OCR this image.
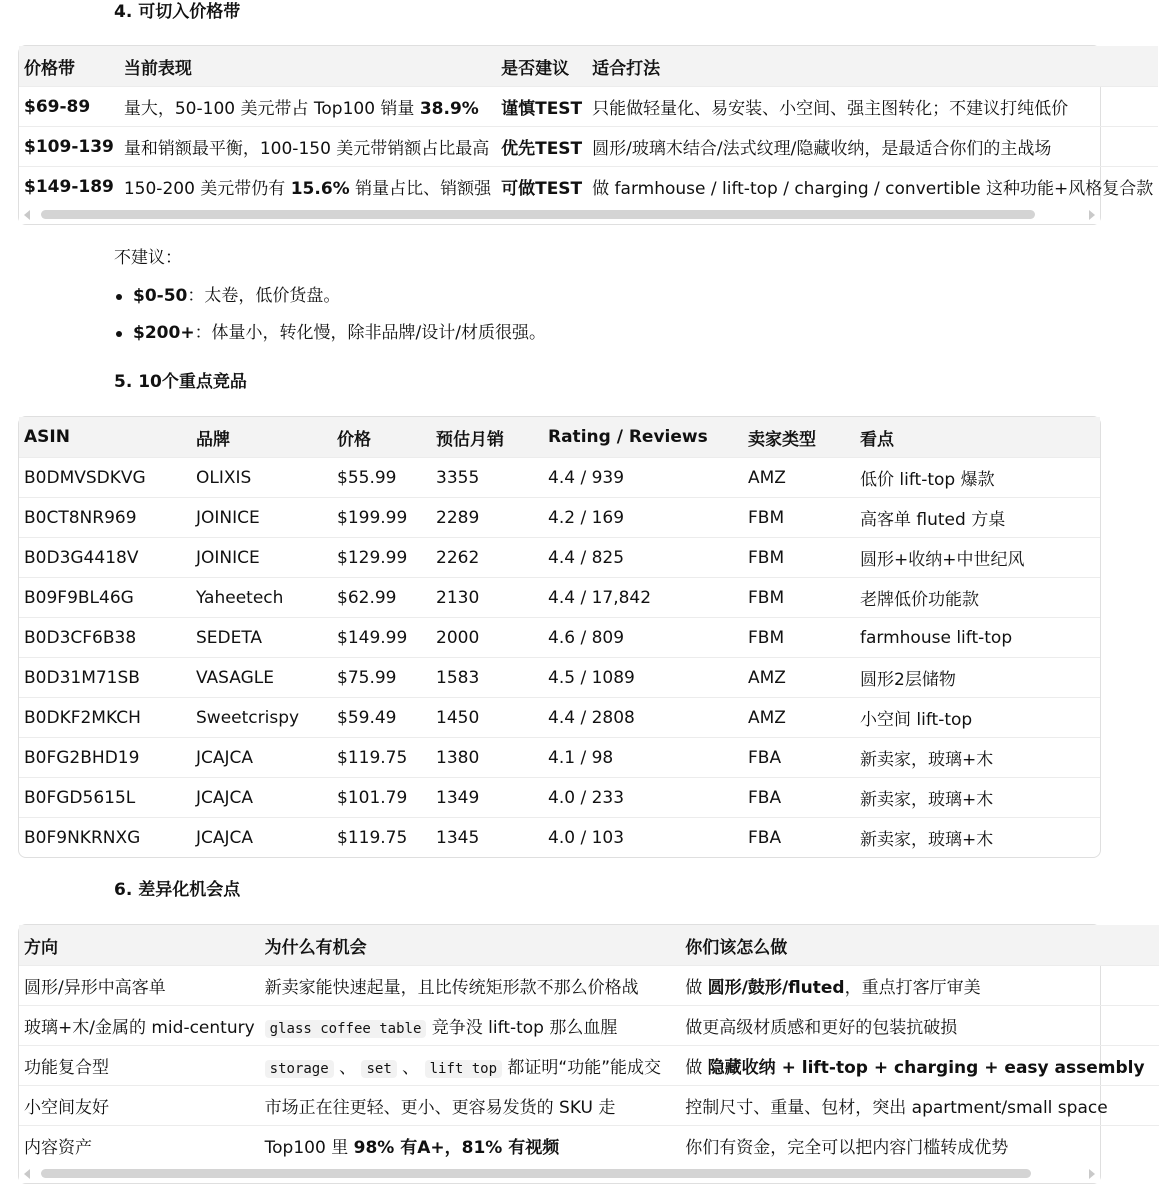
4. 可切入价格带
价格带	当前表现	是否建议	适合打法
$69-89	量大，50-100 美元带占 Top100 销量 38.9%	谨慎TEST	只能做轻量化、易安装、小空间、强主图转化；不建议打纯低价
$109-139	量和销额最平衡，100-150 美元带销额占比最高	优先TEST	圆形/玻璃木结合/法式纹理/隐藏收纳，是最适合你们的主战场
$149-189	150-200 美元带仍有 15.6% 销量占比、销额强	可做TEST	做 farmhouse / lift-top / charging / convertible 这种功能+风格复合款
不建议：
$0-50：太卷，低价货盘。
$200+：体量小，转化慢，除非品牌/设计/材质很强。
5. 10个重点竞品
ASIN	品牌	价格	预估月销	Rating / Reviews	卖家类型	看点
B0DMVSDKVG	OLIXIS	$55.99	3355	4.4 / 939	AMZ	低价 lift-top 爆款
B0CT8NR969	JOINICE	$199.99	2289	4.2 / 169	FBM	高客单 fluted 方桌
B0D3G4418V	JOINICE	$129.99	2262	4.4 / 825	FBM	圆形+收纳+中世纪风
B09F9BL46G	Yaheetech	$62.99	2130	4.4 / 17,842	FBM	老牌低价功能款
B0D3CF6B38	SEDETA	$149.99	2000	4.6 / 809	FBM	farmhouse lift-top
B0D31M71SB	VASAGLE	$75.99	1583	4.5 / 1089	AMZ	圆形2层储物
B0DKF2MKCH	Sweetcrispy	$59.49	1450	4.4 / 2808	AMZ	小空间 lift-top
B0FG2BHD19	JCAJCA	$119.75	1380	4.1 / 98	FBA	新卖家，玻璃+木
B0FGD5615L	JCAJCA	$101.79	1349	4.0 / 233	FBA	新卖家，玻璃+木
B0F9NKRNXG	JCAJCA	$119.75	1345	4.0 / 103	FBA	新卖家，玻璃+木
6. 差异化机会点
方向	为什么有机会	你们该怎么做
圆形/异形中高客单	新卖家能快速起量，且比传统矩形款不那么价格战	做 圆形/鼓形/fluted，重点打客厅审美
玻璃+木/金属的 mid-century	glass coffee table 竞争没 lift-top 那么血腥	做更高级材质感和更好的包装抗破损
功能复合型	storage 、 set 、 lift top 都证明“功能”能成交	做 隐藏收纳 + lift-top + charging + easy assembly
小空间友好	市场正在往更轻、更小、更容易发货的 SKU 走	控制尺寸、重量、包材，突出 apartment/small space
内容资产	Top100 里 98% 有A+，81% 有视频	你们有资金，完全可以把内容门槛转成优势
